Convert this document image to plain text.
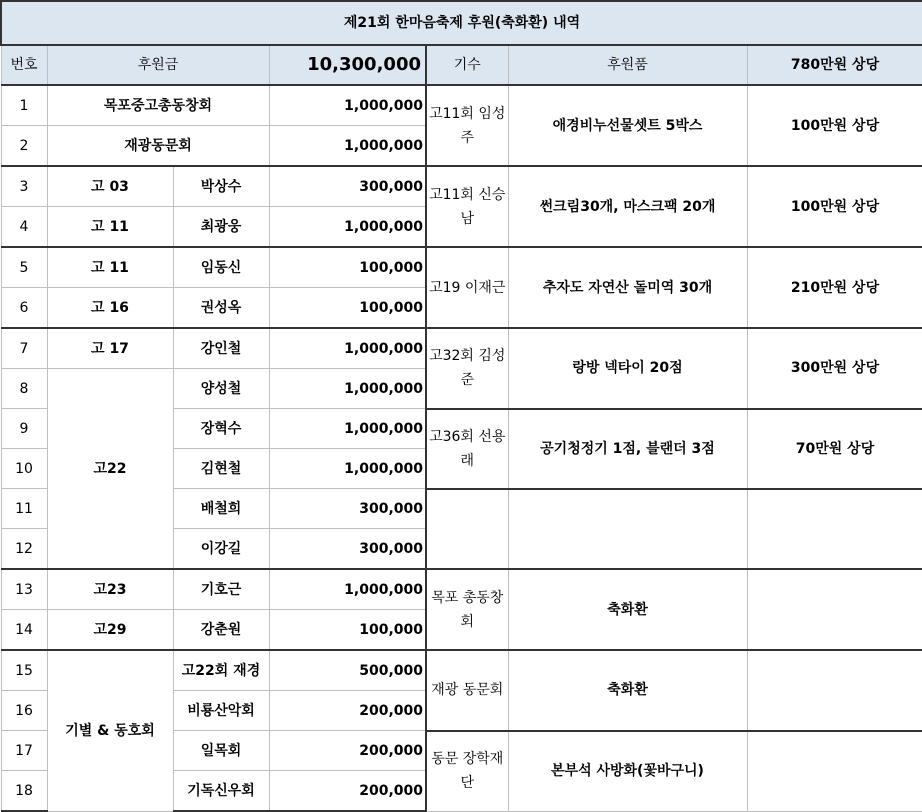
제21회 한마음축제 후원(축화환) 내역						
번호	후원금		10,300,000	기수	후원품	780만원 상당
1	목포중고총동창회		1,000,000	고11회 임성주	애경비누선물셋트 5박스	100만원 상당
2	재광동문회		1,000,000			
3	고 03	박상수	300,000	고11회 신승남	썬크림30개, 마스크팩 20개	100만원 상당
4	고 11	최광웅	1,000,000			
5	고 11	임동신	100,000	고19 이재근	추자도 자연산 돌미역 30개	210만원 상당
6	고 16	권성옥	100,000			
7	고 17	강인철	1,000,000	고32회 김성준	랑방 넥타이 20점	300만원 상당
8	고22	양성철	1,000,000			
9		장혁수	1,000,000	고36회 선용래	공기청정기 1점, 블랜더 3점	70만원 상당
10		김현철	1,000,000			
11		배철희	300,000			
12		이강길	300,000			
13	고23	기호근	1,000,000	목포 총동창회	축화환	
14	고29	강춘원	100,000			
15	기별 & 동호회	고22회 재경	500,000	재광 동문회	축화환	
16		비룡산악회	200,000			
17		일목회	200,000	동문 장학재단	본부석 사방화(꽃바구니)	
18		기독신우회	200,000			
